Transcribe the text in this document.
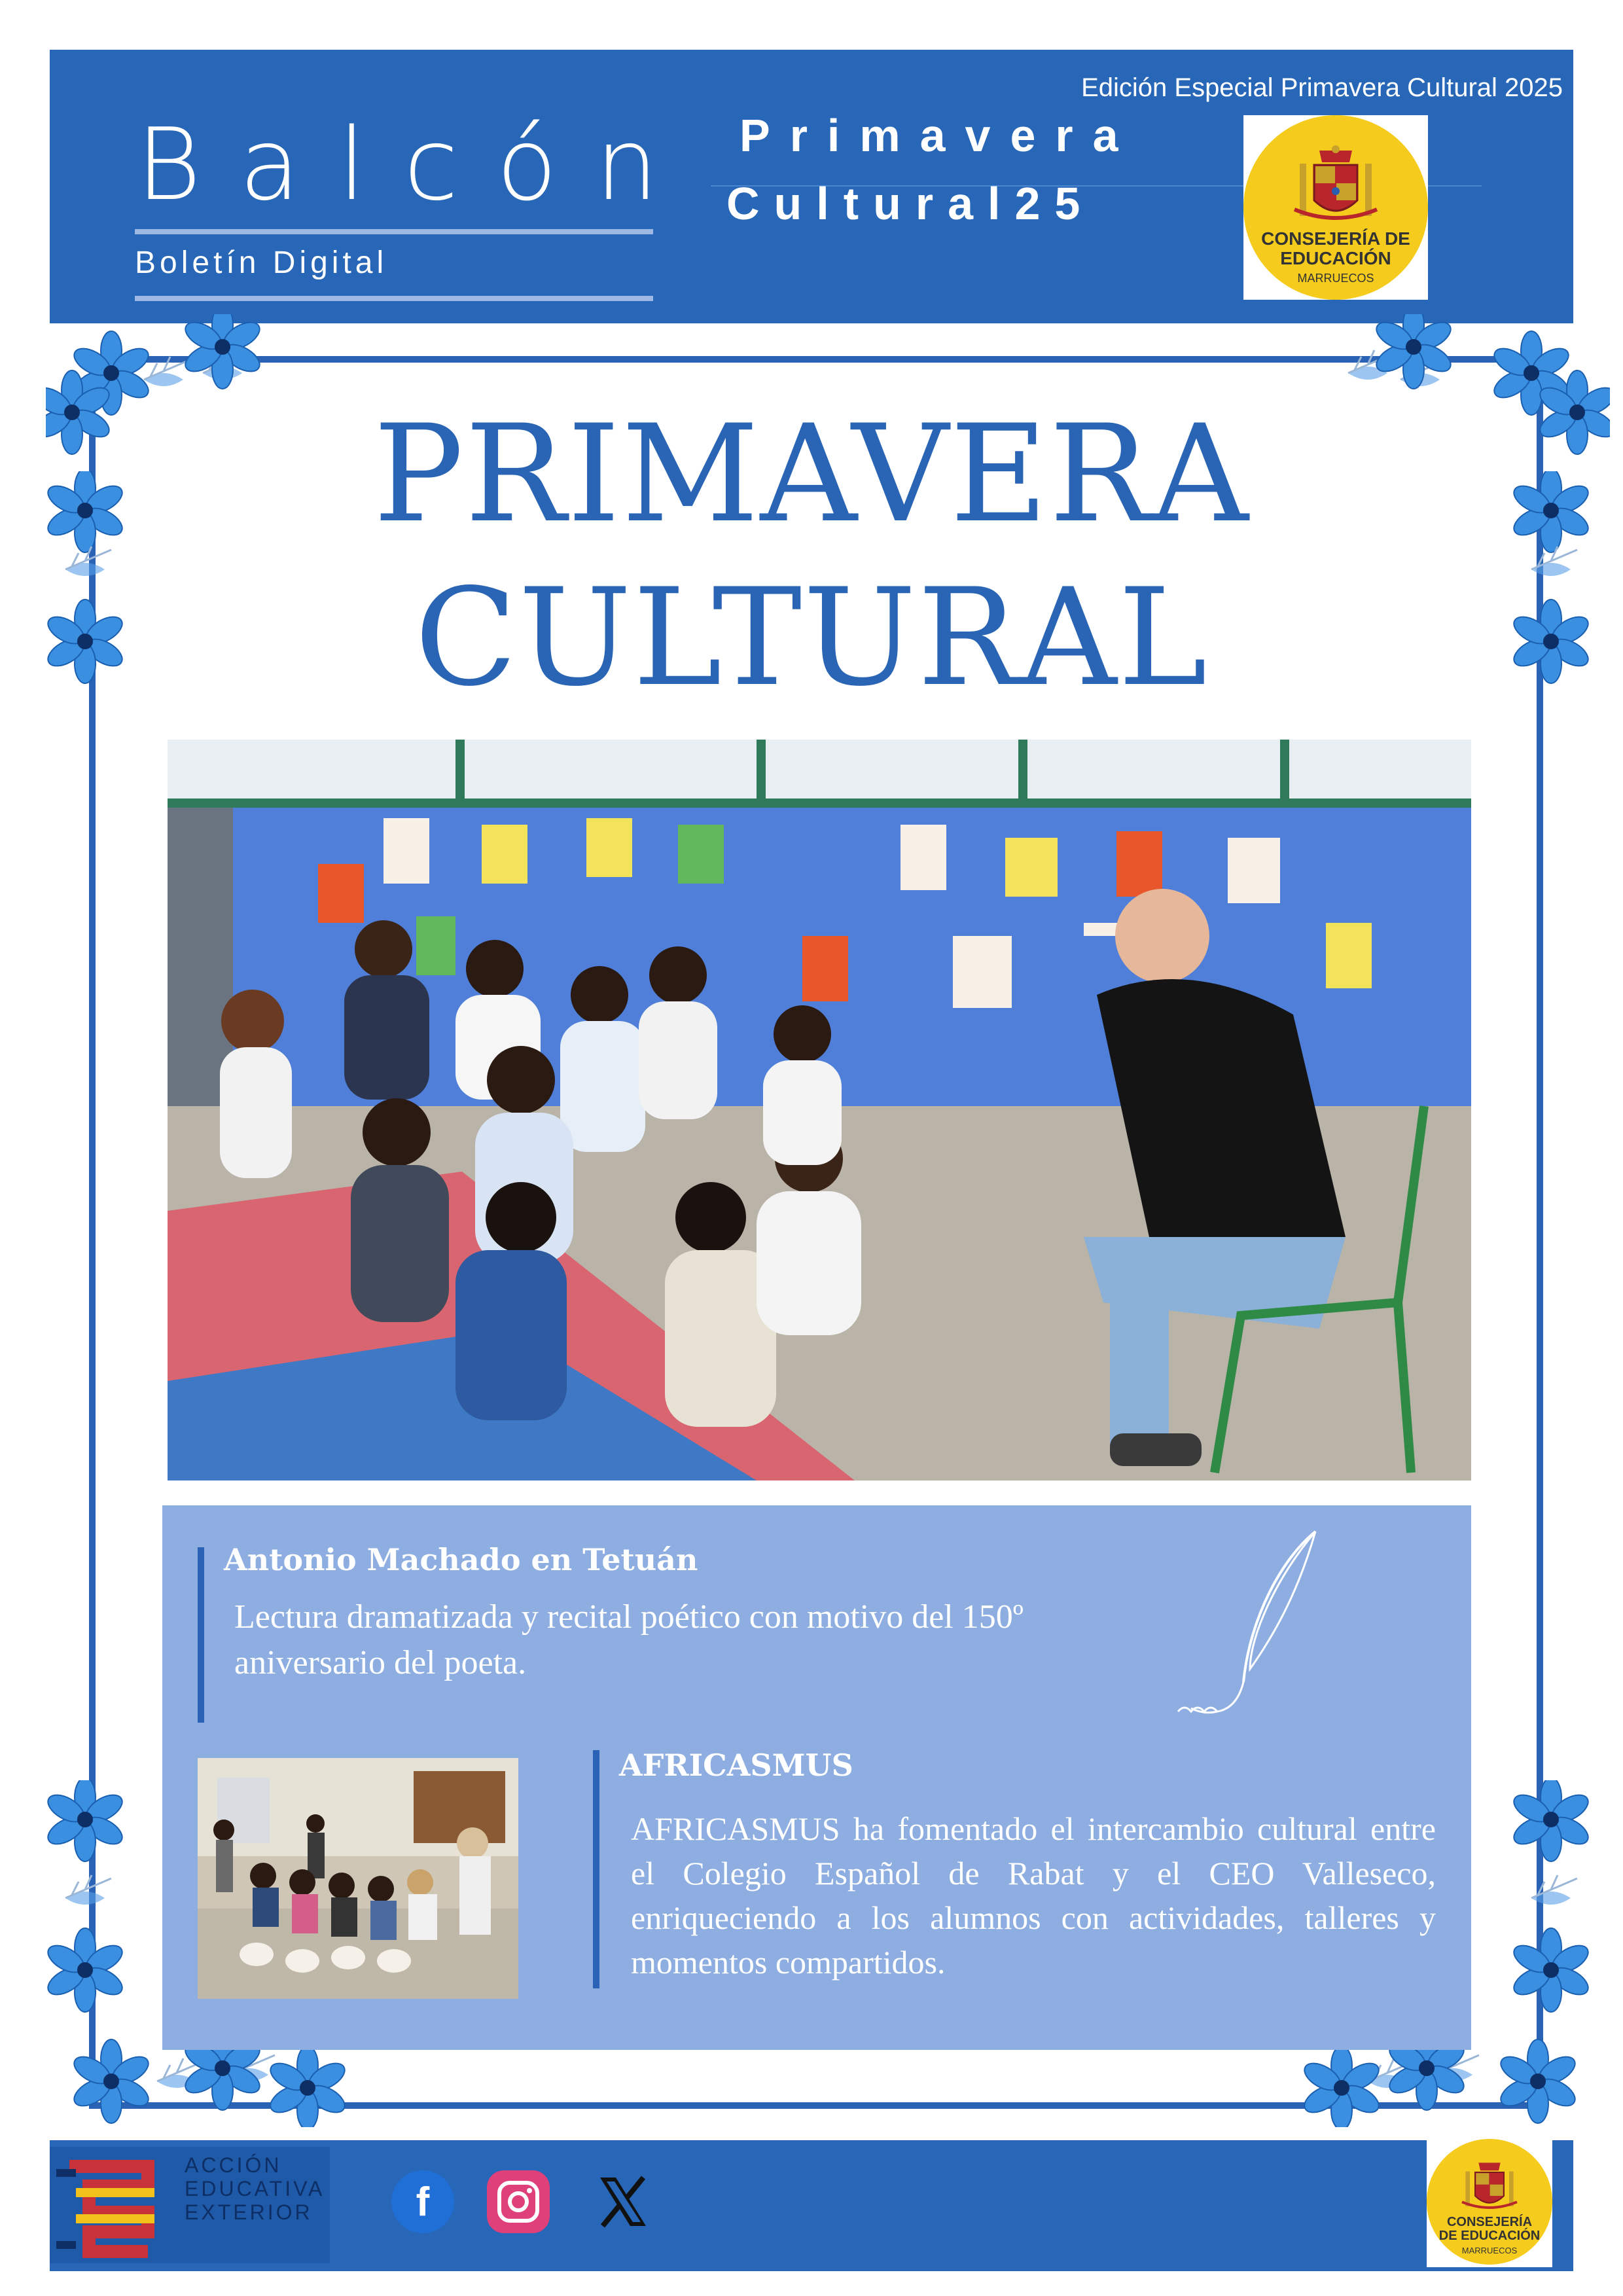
Balcón
Boletín Digital
Edición Especial Primavera Cultural 2025
Primavera
Cultural25
CONSEJERÍA DE EDUCACIÓN
MARRUECOS
PRIMAVERA
CULTURAL
Antonio Machado en Tetuán
Lectura dramatizada y recital poético con motivo del 150º aniversario del poeta.
AFRICASMUS
AFRICASMUS ha fomentado el intercambio cultural entre el Colegio Español de Rabat y el CEO Valleseco, enriqueciendo a los alumnos con actividades, talleres y momentos compartidos.
ACCIÓN
EDUCATIVA
EXTERIOR	f	CONSEJERÍA DE EDUCACIÓN
MARRUECOS
